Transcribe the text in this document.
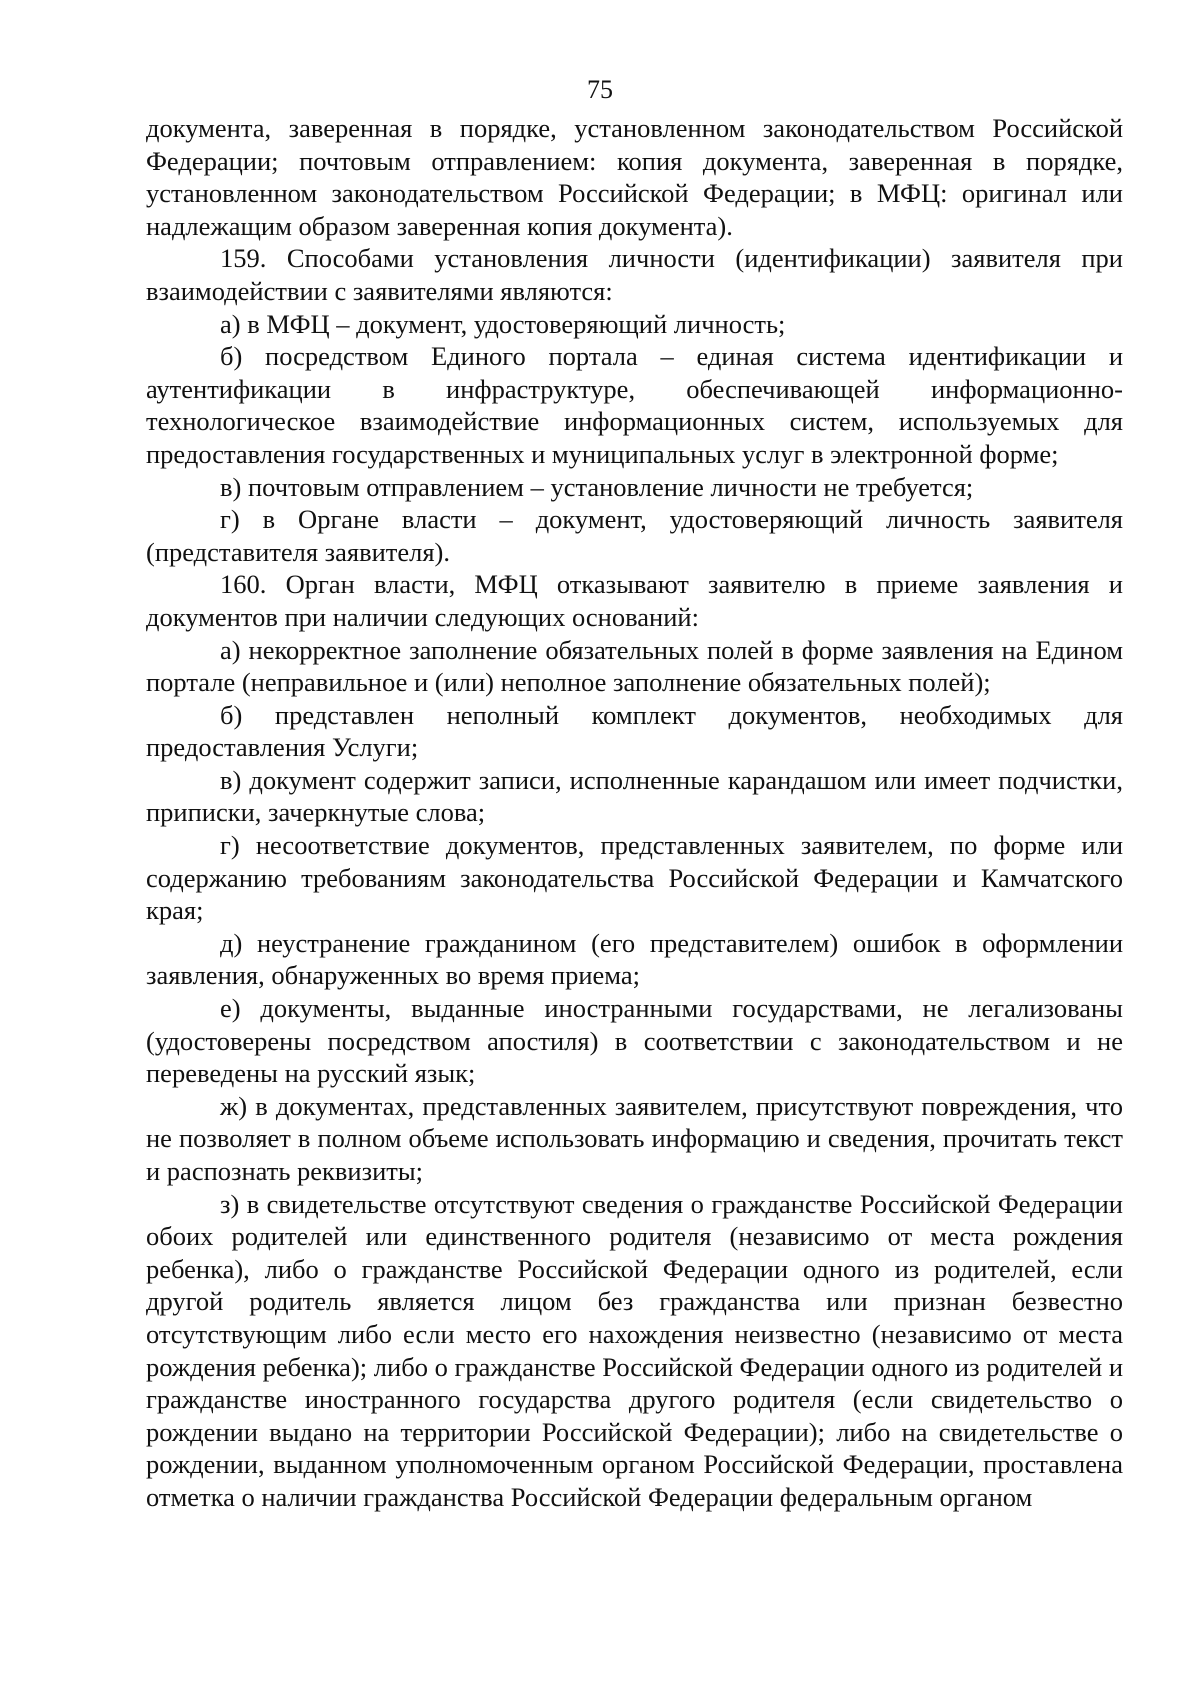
75

документа, заверенная в порядке, установленном законодательством Российской Федерации; почтовым отправлением: копия документа, заверенная в порядке, установленном законодательством Российской Федерации; в МФЦ: оригинал или надлежащим образом заверенная копия документа).

159. Способами установления личности (идентификации) заявителя при взаимодействии с заявителями являются:

а) в МФЦ – документ, удостоверяющий личность;

б) посредством Единого портала – единая система идентификации и аутентификации в инфраструктуре, обеспечивающей информационно-технологическое взаимодействие информационных систем, используемых для предоставления государственных и муниципальных услуг в электронной форме;

в) почтовым отправлением – установление личности не требуется;

г) в Органе власти – документ, удостоверяющий личность заявителя (представителя заявителя).

160. Орган власти, МФЦ отказывают заявителю в приеме заявления и документов при наличии следующих оснований:

а) некорректное заполнение обязательных полей в форме заявления на Едином портале (неправильное и (или) неполное заполнение обязательных полей);

б) представлен неполный комплект документов, необходимых для предоставления Услуги;

в) документ содержит записи, исполненные карандашом или имеет подчистки, приписки, зачеркнутые слова;

г) несоответствие документов, представленных заявителем, по форме или содержанию требованиям законодательства Российской Федерации и Камчатского края;

д) неустранение гражданином (его представителем) ошибок в оформлении заявления, обнаруженных во время приема;

е) документы, выданные иностранными государствами, не легализованы (удостоверены посредством апостиля) в соответствии с законодательством и не переведены на русский язык;

ж) в документах, представленных заявителем, присутствуют повреждения, что не позволяет в полном объеме использовать информацию и сведения, прочитать текст и распознать реквизиты;

з) в свидетельстве отсутствуют сведения о гражданстве Российской Федерации обоих родителей или единственного родителя (независимо от места рождения ребенка), либо о гражданстве Российской Федерации одного из родителей, если другой родитель является лицом без гражданства или признан безвестно отсутствующим либо если место его нахождения неизвестно (независимо от места рождения ребенка); либо о гражданстве Российской Федерации одного из родителей и гражданстве иностранного государства другого родителя (если свидетельство о рождении выдано на территории Российской Федерации); либо на свидетельстве о рождении, выданном уполномоченным органом Российской Федерации, проставлена отметка о наличии гражданства Российской Федерации федеральным органом
